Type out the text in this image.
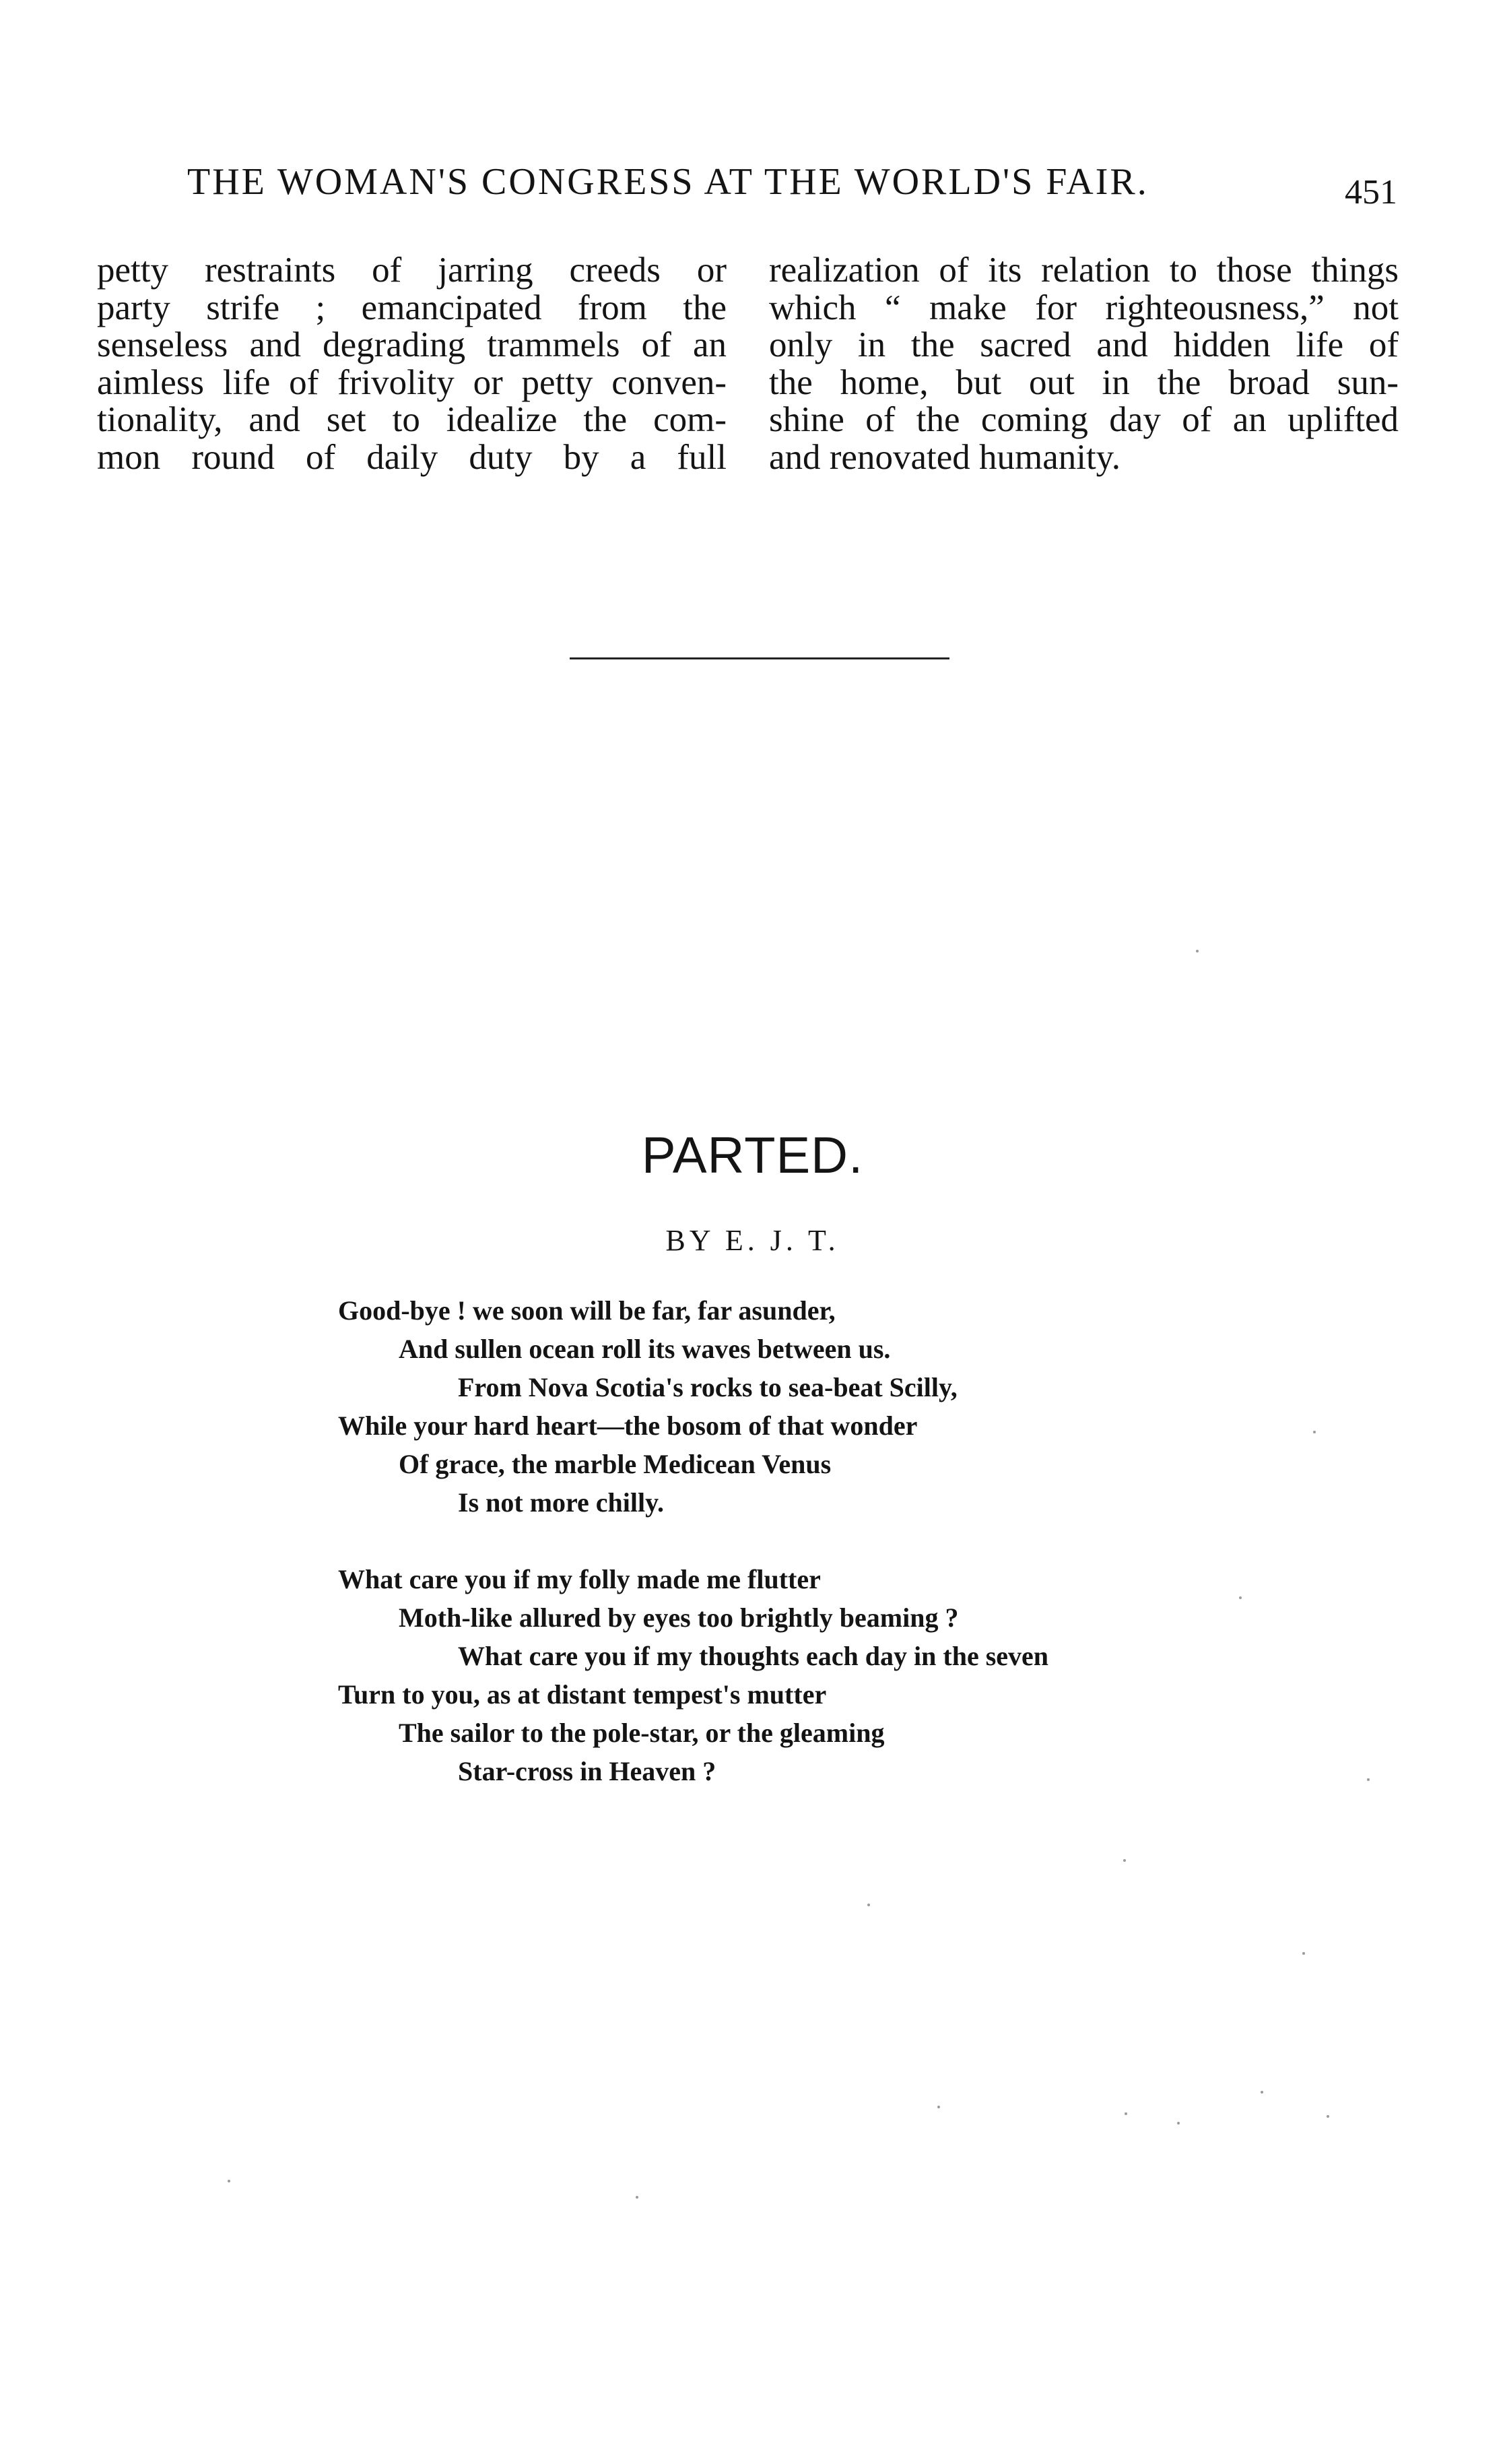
THE WOMAN'S CONGRESS AT THE WORLD'S FAIR.	451
petty restraints of jarring creeds or
party strife ; emancipated from the
senseless and degrading trammels of an
aimless life of frivolity or petty conven-
tionality, and set to idealize the com-
mon round of daily duty by a full
realization of its relation to those things
which “ make for righteousness,” not
only in the sacred and hidden life of
the home, but out in the broad sun-
shine of the coming day of an uplifted
and renovated humanity.
PARTED.
BY E. J. T.
Good-bye ! we soon will be far, far asunder,
And sullen ocean roll its waves between us.
From Nova Scotia's rocks to sea-beat Scilly,
While your hard heart—the bosom of that wonder
Of grace, the marble Medicean Venus
Is not more chilly.
What care you if my folly made me flutter
Moth-like allured by eyes too brightly beaming ?
What care you if my thoughts each day in the seven
Turn to you, as at distant tempest's mutter
The sailor to the pole-star, or the gleaming
Star-cross in Heaven ?
